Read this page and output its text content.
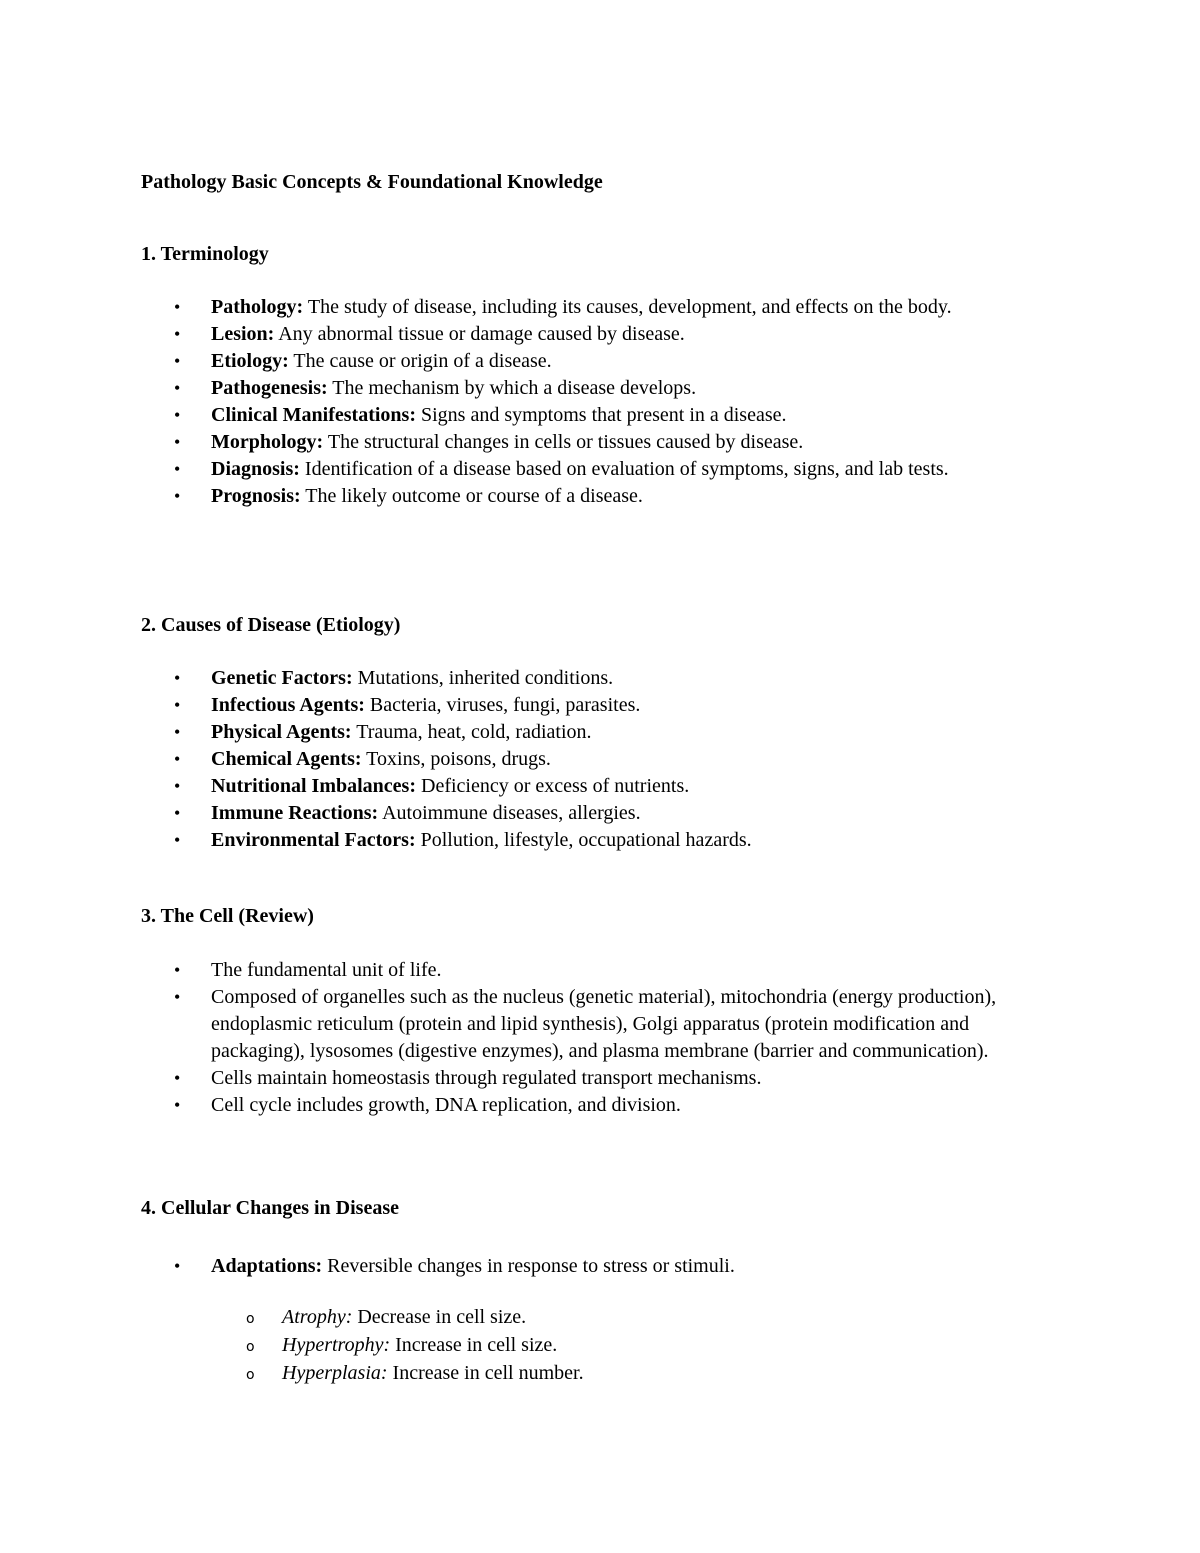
Pathology Basic Concepts & Foundational Knowledge
1. Terminology
• Pathology: The study of disease, including its causes, development, and effects on the body.
• Lesion: Any abnormal tissue or damage caused by disease.
• Etiology: The cause or origin of a disease.
• Pathogenesis: The mechanism by which a disease develops.
• Clinical Manifestations: Signs and symptoms that present in a disease.
• Morphology: The structural changes in cells or tissues caused by disease.
• Diagnosis: Identification of a disease based on evaluation of symptoms, signs, and lab tests.
• Prognosis: The likely outcome or course of a disease.
2. Causes of Disease (Etiology)
• Genetic Factors: Mutations, inherited conditions.
• Infectious Agents: Bacteria, viruses, fungi, parasites.
• Physical Agents: Trauma, heat, cold, radiation.
• Chemical Agents: Toxins, poisons, drugs.
• Nutritional Imbalances: Deficiency or excess of nutrients.
• Immune Reactions: Autoimmune diseases, allergies.
• Environmental Factors: Pollution, lifestyle, occupational hazards.
3. The Cell (Review)
• The fundamental unit of life.
• Composed of organelles such as the nucleus (genetic material), mitochondria (energy production), endoplasmic reticulum (protein and lipid synthesis), Golgi apparatus (protein modification and packaging), lysosomes (digestive enzymes), and plasma membrane (barrier and communication).
• Cells maintain homeostasis through regulated transport mechanisms.
• Cell cycle includes growth, DNA replication, and division.
4. Cellular Changes in Disease
• Adaptations: Reversible changes in response to stress or stimuli.
o Atrophy: Decrease in cell size.
o Hypertrophy: Increase in cell size.
o Hyperplasia: Increase in cell number.
